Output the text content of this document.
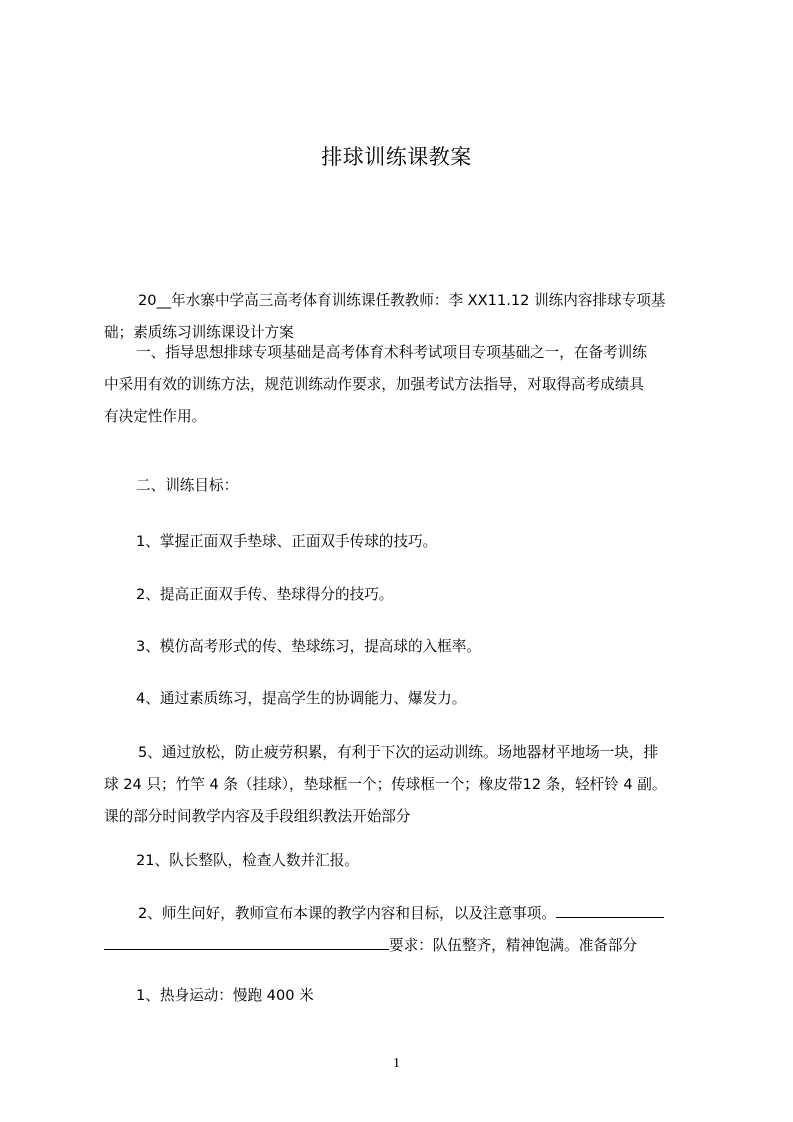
排球训练课教案

20__年水寨中学高三高考体育训练课任教教师：李 XX11.12 训练内容排球专项基
础；素质练习训练课设计方案

一、指导思想排球专项基础是高考体育术科考试项目专项基础之一，在备考训练
中采用有效的训练方法，规范训练动作要求，加强考试方法指导，对取得高考成绩具
有决定性作用。

二、训练目标：

1、掌握正面双手垫球、正面双手传球的技巧。

2、提高正面双手传、垫球得分的技巧。

3、模仿高考形式的传、垫球练习，提高球的入框率。

4、通过素质练习，提高学生的协调能力、爆发力。

5、通过放松，防止疲劳积累，有利于下次的运动训练。场地器材平地场一块，排
球 24 只；竹竿 4 条（挂球），垫球框一个；传球框一个；橡皮带12 条，轻杆铃 4 副。
课的部分时间教学内容及手段组织教法开始部分

21、队长整队，检查人数并汇报。

2、师生问好，教师宣布本课的教学内容和目标，以及注意事项。
要求：队伍整齐，精神饱满。准备部分

1、热身运动：慢跑 400 米

1
